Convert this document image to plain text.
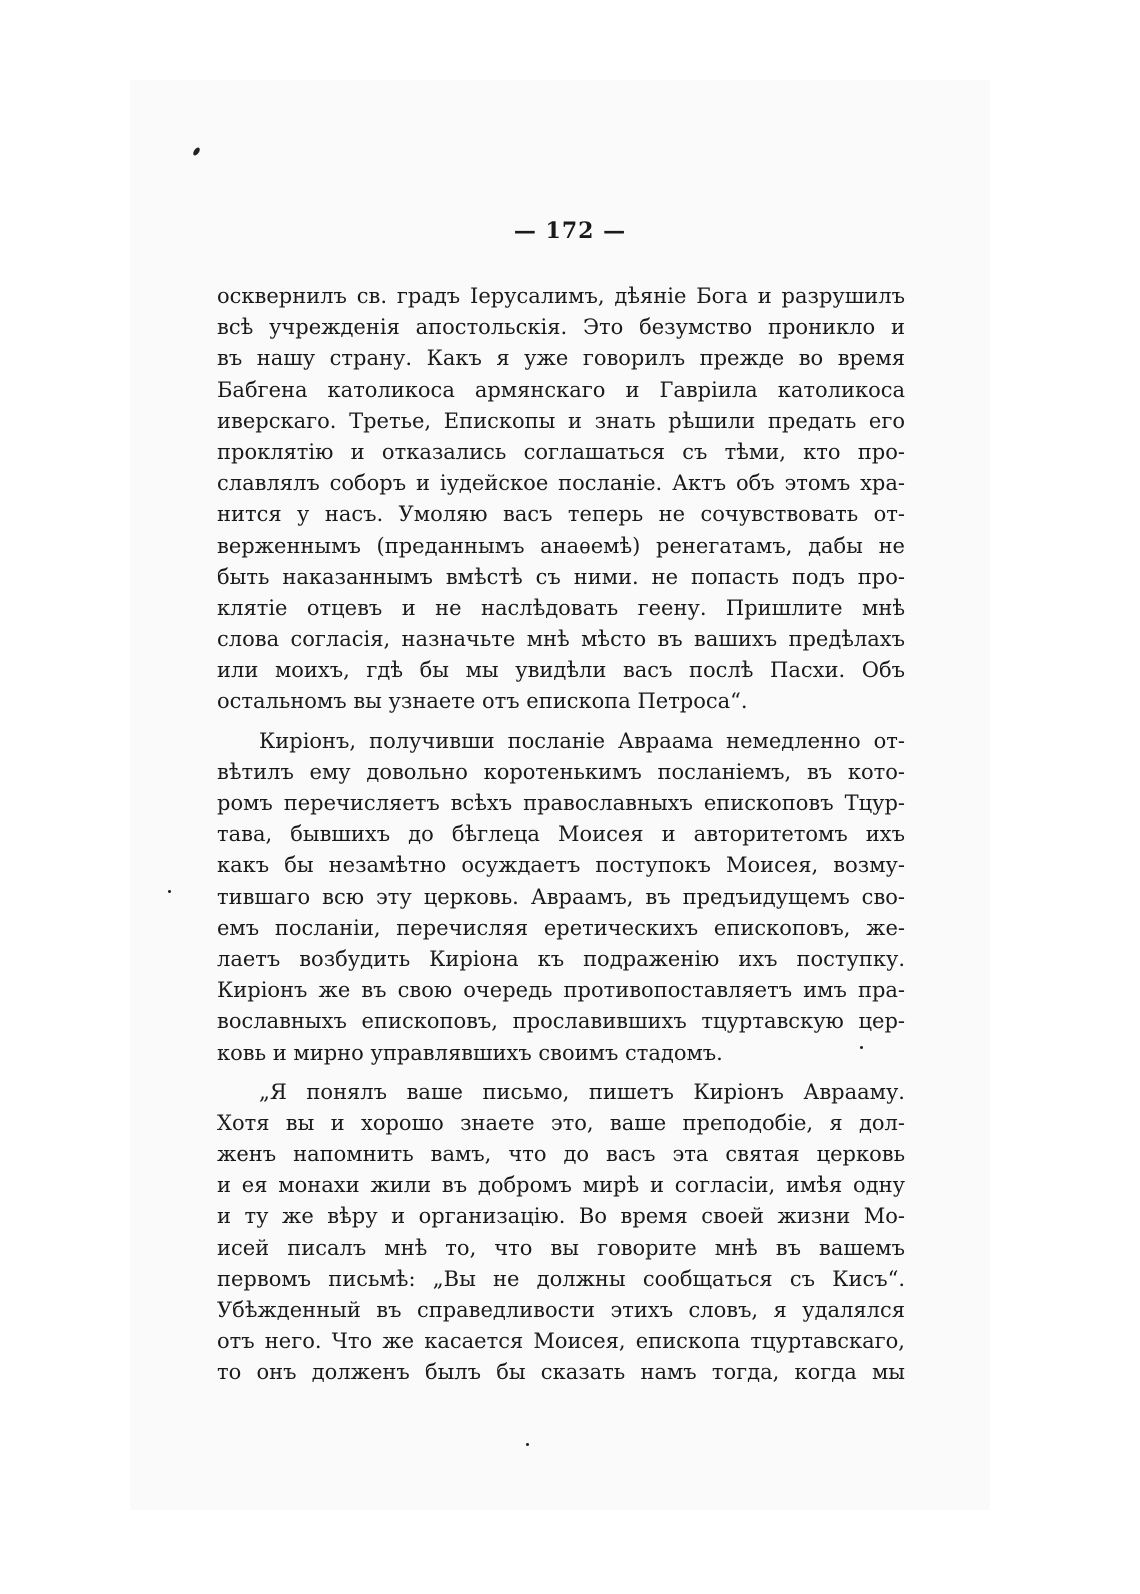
— 172 —
осквернилъ св. градъ Іерусалимъ, дѣяніе Бога и разрушилъ
всѣ учрежденія апостольскія. Это безумство проникло и
въ нашу страну. Какъ я уже говорилъ прежде во время
Бабгена католикоса армянскаго и Гавріила католикоса
иверскаго. Третье, Епископы и знать рѣшили предать его
проклятію и отказались соглашаться съ тѣми, кто про-
славлялъ соборъ и іудейское посланіе. Актъ объ этомъ хра-
нится у насъ. Умоляю васъ теперь не сочувствовать от-
верженнымъ (преданнымъ анаѳемѣ) ренегатамъ, дабы не
быть наказаннымъ вмѣстѣ съ ними. не попасть подъ про-
клятіе отцевъ и не наслѣдовать геену. Пришлите мнѣ
слова согласія, назначьте мнѣ мѣсто въ вашихъ предѣлахъ
или моихъ, гдѣ бы мы увидѣли васъ послѣ Пасхи. Объ
остальномъ вы узнаете отъ епископа Петроса“.
Киріонъ, получивши посланіе Авраама немедленно от-
вѣтилъ ему довольно коротенькимъ посланіемъ, въ кото-
ромъ перечисляетъ всѣхъ православныхъ епископовъ Тцур-
тава, бывшихъ до бѣглеца Моисея и авторитетомъ ихъ
какъ бы незамѣтно осуждаетъ поступокъ Моисея, возму-
тившаго всю эту церковь. Авраамъ, въ предъидущемъ сво-
емъ посланіи, перечисляя еретическихъ епископовъ, же-
лаетъ возбудить Киріона къ подраженію ихъ поступку.
Киріонъ же въ свою очередь противопоставляетъ имъ пра-
вославныхъ епископовъ, прославившихъ тцуртавскую цер-
ковь и мирно управлявшихъ своимъ стадомъ.
„Я понялъ ваше письмо, пишетъ Киріонъ Аврааму.
Хотя вы и хорошо знаете это, ваше преподобіе, я дол-
женъ напомнить вамъ, что до васъ эта святая церковь
и ея монахи жили въ добромъ мирѣ и согласіи, имѣя одну
и ту же вѣру и организацію. Во время своей жизни Мо-
исей писалъ мнѣ то, что вы говорите мнѣ въ вашемъ
первомъ письмѣ: „Вы не должны сообщаться съ Кисъ“.
Убѣжденный въ справедливости этихъ словъ, я удалялся
отъ него. Что же касается Моисея, епископа тцуртавскаго,
то онъ долженъ былъ бы сказать намъ тогда, когда мы
